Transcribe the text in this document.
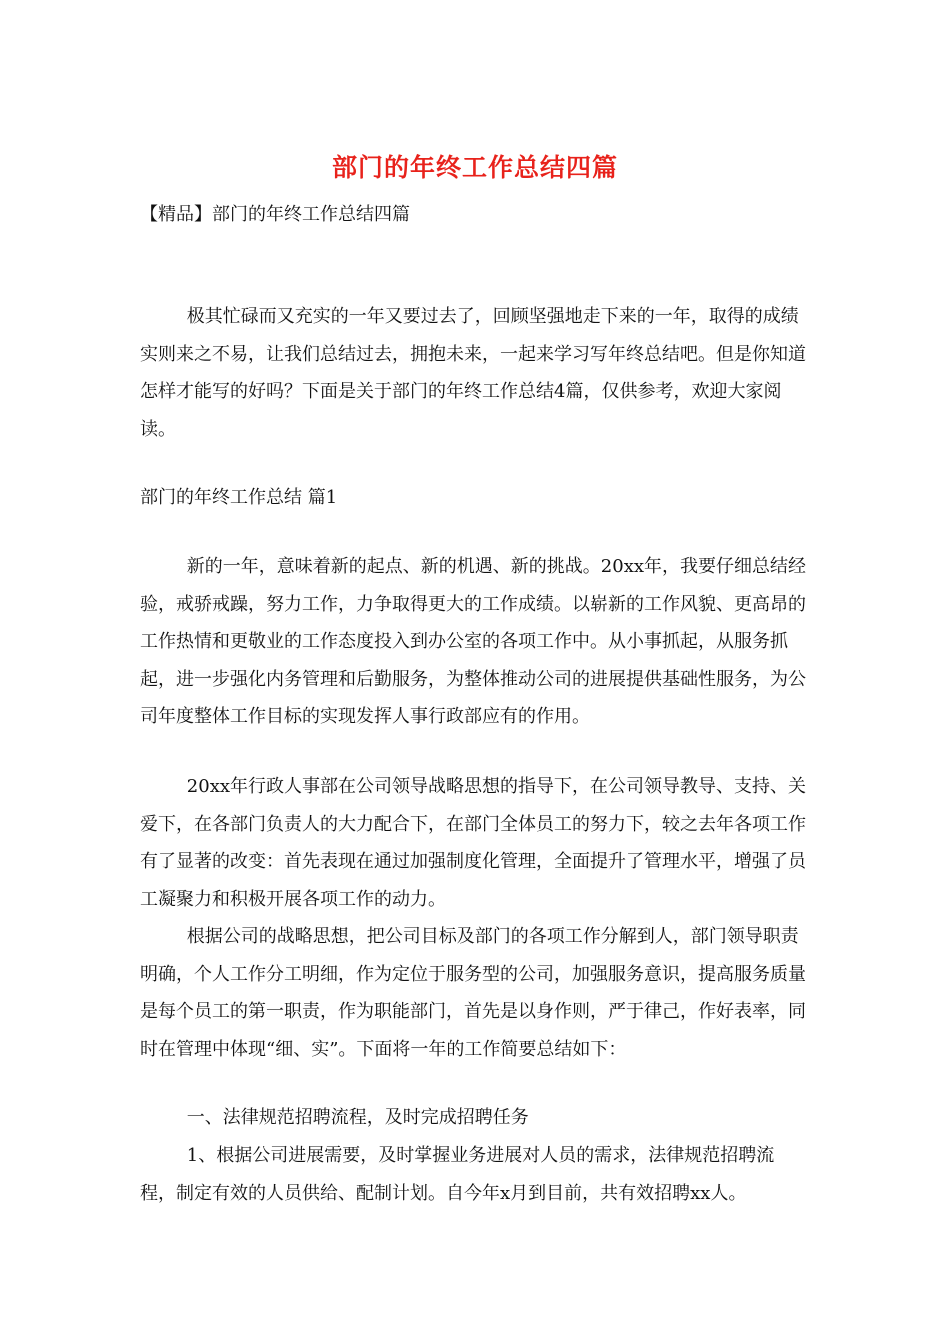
部门的年终工作总结四篇
【精品】部门的年终工作总结四篇

极其忙碌而又充实的一年又要过去了，回顾坚强地走下来的一年，取得的成绩实则来之不易，让我们总结过去，拥抱未来，一起来学习写年终总结吧。但是你知道怎样才能写的好吗？下面是关于部门的年终工作总结4篇，仅供参考，欢迎大家阅读。

部门的年终工作总结 篇1

新的一年，意味着新的起点、新的机遇、新的挑战。20xx年，我要仔细总结经验，戒骄戒躁，努力工作，力争取得更大的工作成绩。以崭新的工作风貌、更高昂的工作热情和更敬业的工作态度投入到办公室的各项工作中。从小事抓起，从服务抓起，进一步强化内务管理和后勤服务，为整体推动公司的进展提供基础性服务，为公司年度整体工作目标的实现发挥人事行政部应有的作用。

20xx年行政人事部在公司领导战略思想的指导下，在公司领导教导、支持、关爱下，在各部门负责人的大力配合下，在部门全体员工的努力下，较之去年各项工作有了显著的改变：首先表现在通过加强制度化管理，全面提升了管理水平，增强了员工凝聚力和积极开展各项工作的动力。

根据公司的战略思想，把公司目标及部门的各项工作分解到人，部门领导职责明确，个人工作分工明细，作为定位于服务型的公司，加强服务意识，提高服务质量是每个员工的第一职责，作为职能部门，首先是以身作则，严于律己，作好表率，同时在管理中体现“细、实”。下面将一年的工作简要总结如下：

一、法律规范招聘流程，及时完成招聘任务

1、根据公司进展需要，及时掌握业务进展对人员的需求，法律规范招聘流程，制定有效的人员供给、配制计划。自今年x月到目前，共有效招聘xx人。
